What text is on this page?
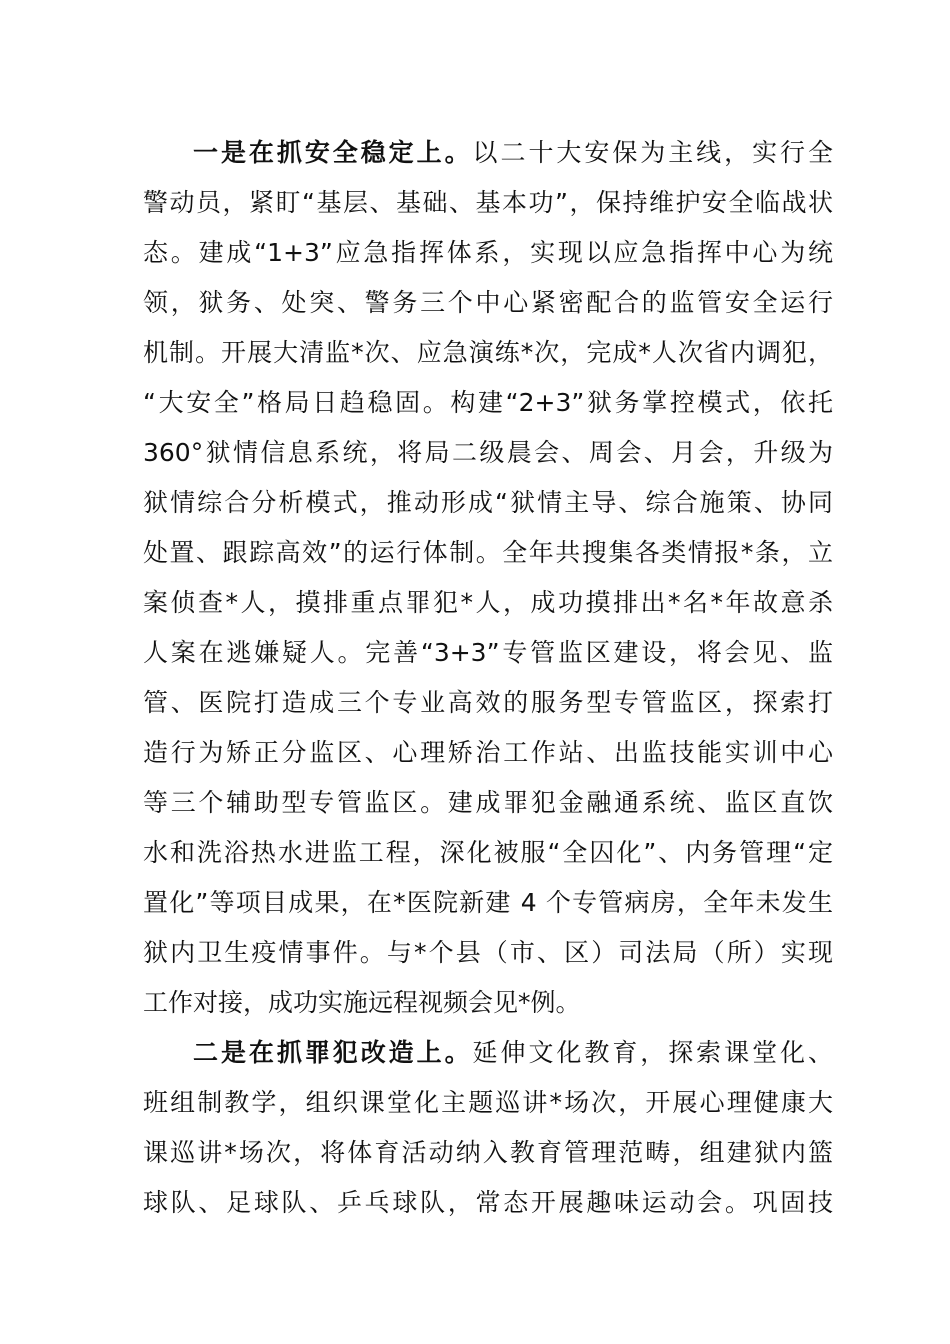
一是在抓安全稳定上。以二十大安保为主线，实行全
警动员，紧盯“基层、基础、基本功”，保持维护安全临战状
态。建成“1+3”应急指挥体系，实现以应急指挥中心为统
领，狱务、处突、警务三个中心紧密配合的监管安全运行
机制。开展大清监*次、应急演练*次，完成*人次省内调犯，
“大安全”格局日趋稳固。构建“2+3”狱务掌控模式，依托
360°狱情信息系统，将局二级晨会、周会、月会，升级为
狱情综合分析模式，推动形成“狱情主导、综合施策、协同
处置、跟踪高效”的运行体制。全年共搜集各类情报*条，立
案侦查*人，摸排重点罪犯*人，成功摸排出*名*年故意杀
人案在逃嫌疑人。完善“3+3”专管监区建设，将会见、监
管、医院打造成三个专业高效的服务型专管监区，探索打
造行为矫正分监区、心理矫治工作站、出监技能实训中心
等三个辅助型专管监区。建成罪犯金融通系统、监区直饮
水和洗浴热水进监工程，深化被服“全囚化”、内务管理“定
置化”等项目成果，在*医院新建 4 个专管病房，全年未发生
狱内卫生疫情事件。与*个县（市、区）司法局（所）实现
工作对接，成功实施远程视频会见*例。
二是在抓罪犯改造上。延伸文化教育，探索课堂化、
班组制教学，组织课堂化主题巡讲*场次，开展心理健康大
课巡讲*场次，将体育活动纳入教育管理范畴，组建狱内篮
球队、足球队、乒乓球队，常态开展趣味运动会。巩固技
